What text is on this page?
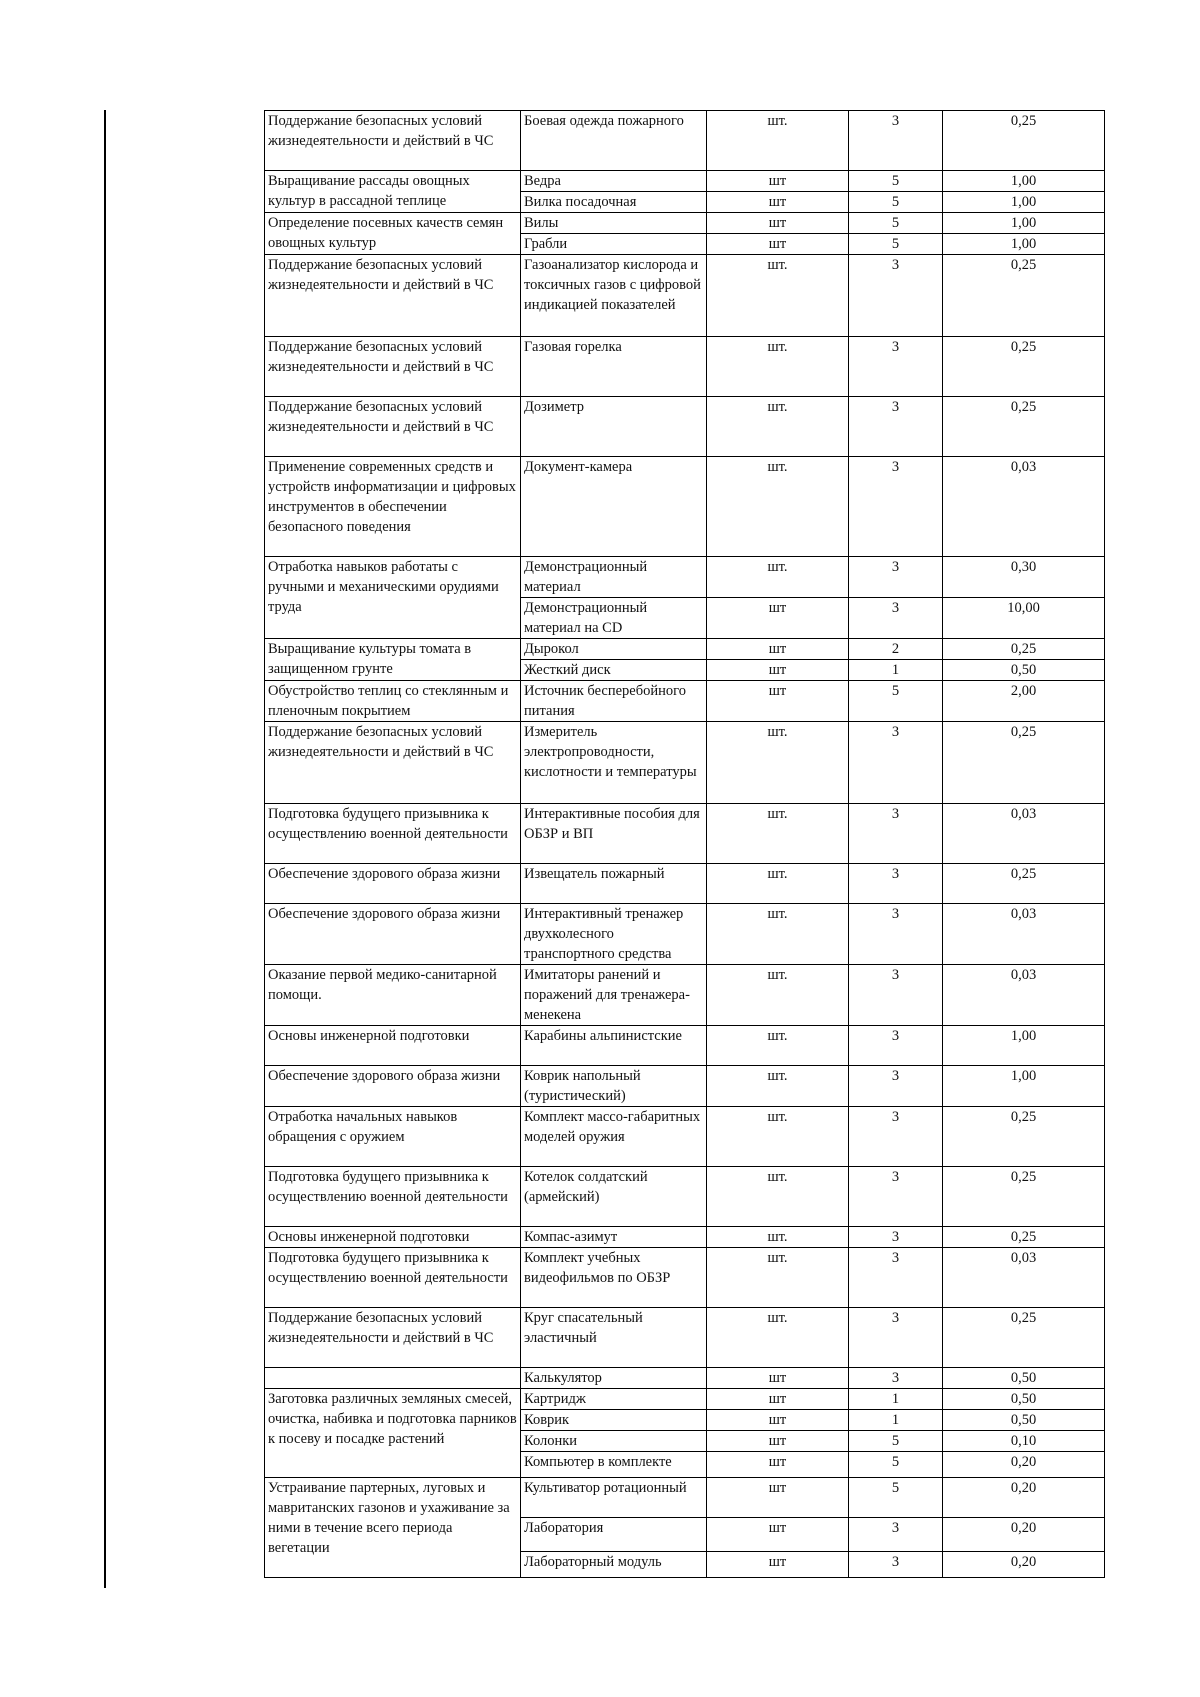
Поддержание безопасных условий жизнедеятельности и действий в ЧС	Боевая одежда пожарного	шт.	3	0,25
Выращивание рассады овощных культур в рассадной теплице	Ведра	шт	5	1,00
	Вилка посадочная	шт	5	1,00
Определение посевных качеств семян овощных культур	Вилы	шт	5	1,00
	Грабли	шт	5	1,00
Поддержание безопасных условий жизнедеятельности и действий в ЧС	Газоанализатор кислорода и токсичных газов с цифровой индикацией показателей	шт.	3	0,25
Поддержание безопасных условий жизнедеятельности и действий в ЧС	Газовая горелка	шт.	3	0,25
Поддержание безопасных условий жизнедеятельности и действий в ЧС	Дозиметр	шт.	3	0,25
Применение современных средств и устройств информатизации и цифровых инструментов в обеспечении безопасного поведения	Документ-камера	шт.	3	0,03
Отработка навыков работаты с ручными и механическими орудиями труда	Демонстрационный материал	шт.	3	0,30
	Демонстрационный материал на CD	шт	3	10,00
Выращивание культуры томата в защищенном грунте	Дырокол	шт	2	0,25
	Жесткий диск	шт	1	0,50
Обустройство теплиц со стеклянным и пленочным покрытием	Источник бесперебойного питания	шт	5	2,00
Поддержание безопасных условий жизнедеятельности и действий в ЧС	Измеритель электропроводности, кислотности и температуры	шт.	3	0,25
Подготовка будущего призывника к осуществлению военной деятельности	Интерактивные пособия для ОБЗР и ВП	шт.	3	0,03
Обеспечение здорового образа жизни	Извещатель пожарный	шт.	3	0,25
Обеспечение здорового образа жизни	Интерактивный тренажер двухколесного транспортного средства	шт.	3	0,03
Оказание первой медико-санитарной помощи.	Имитаторы ранений и поражений для тренажера-менекена	шт.	3	0,03
Основы инженерной подготовки	Карабины альпинистские	шт.	3	1,00
Обеспечение здорового образа жизни	Коврик напольный (туристический)	шт.	3	1,00
Отработка начальных навыков обращения с оружием	Комплект массо-габаритных моделей оружия	шт.	3	0,25
Подготовка будущего призывника к осуществлению военной деятельности	Котелок солдатский (армейский)	шт.	3	0,25
Основы инженерной подготовки	Компас-азимут	шт.	3	0,25
Подготовка будущего призывника к осуществлению военной деятельности	Комплект учебных видеофильмов по ОБЗР	шт.	3	0,03
Поддержание безопасных условий жизнедеятельности и действий в ЧС	Круг спасательный эластичный	шт.	3	0,25
	Калькулятор	шт	3	0,50
Заготовка различных земляных смесей, очистка, набивка и подготовка парников к посеву и посадке растений	Картридж	шт	1	0,50
	Коврик	шт	1	0,50
	Колонки	шт	5	0,10
	Компьютер в комплекте	шт	5	0,20
Устраивание партерных, луговых и мавританских газонов и ухаживание за ними в течение всего периода вегетации	Культиватор ротационный	шт	5	0,20
	Лаборатория	шт	3	0,20
	Лабораторный модуль	шт	3	0,20
